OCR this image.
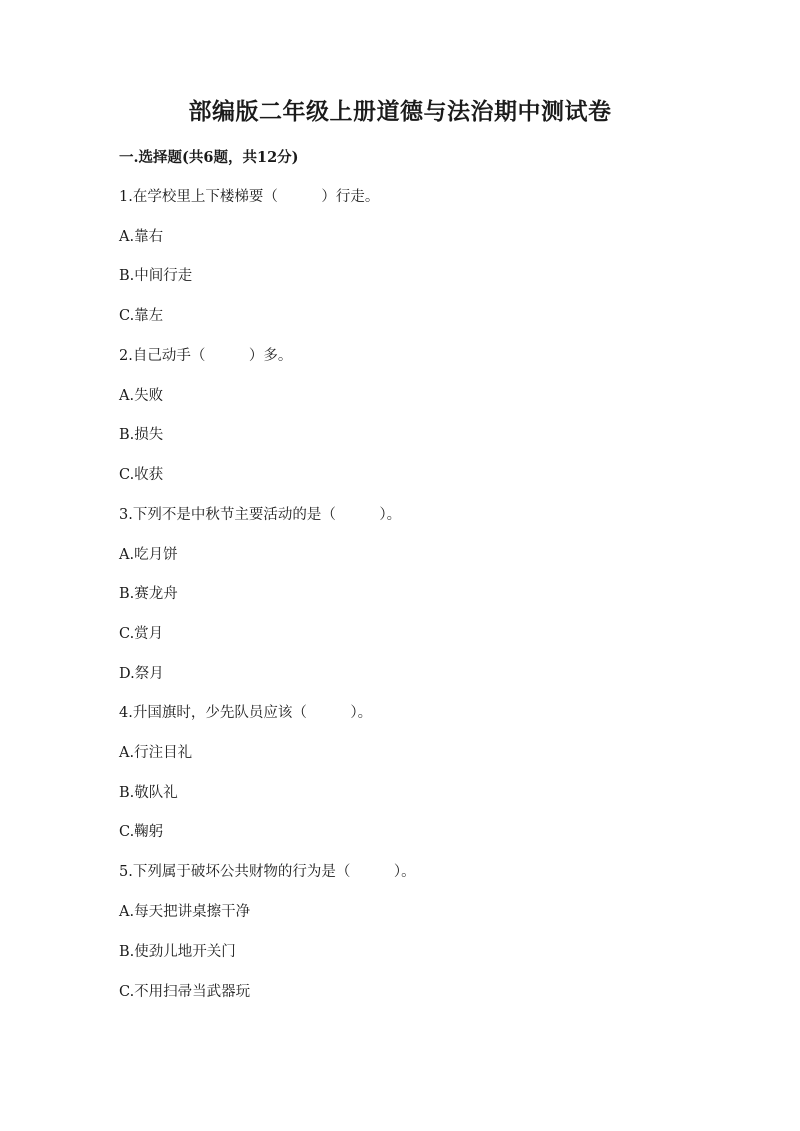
部编版二年级上册道德与法治期中测试卷
一.选择题(共6题，共12分)
1.在学校里上下楼梯要（　　　）行走。
A.靠右
B.中间行走
C.靠左
2.自己动手（　　　）多。
A.失败
B.损失
C.收获
3.下列不是中秋节主要活动的是（　　　）。
A.吃月饼
B.赛龙舟
C.赏月
D.祭月
4.升国旗时，少先队员应该（　　　）。
A.行注目礼
B.敬队礼
C.鞠躬
5.下列属于破坏公共财物的行为是（　　　）。
A.每天把讲桌擦干净
B.使劲儿地开关门
C.不用扫帚当武器玩
